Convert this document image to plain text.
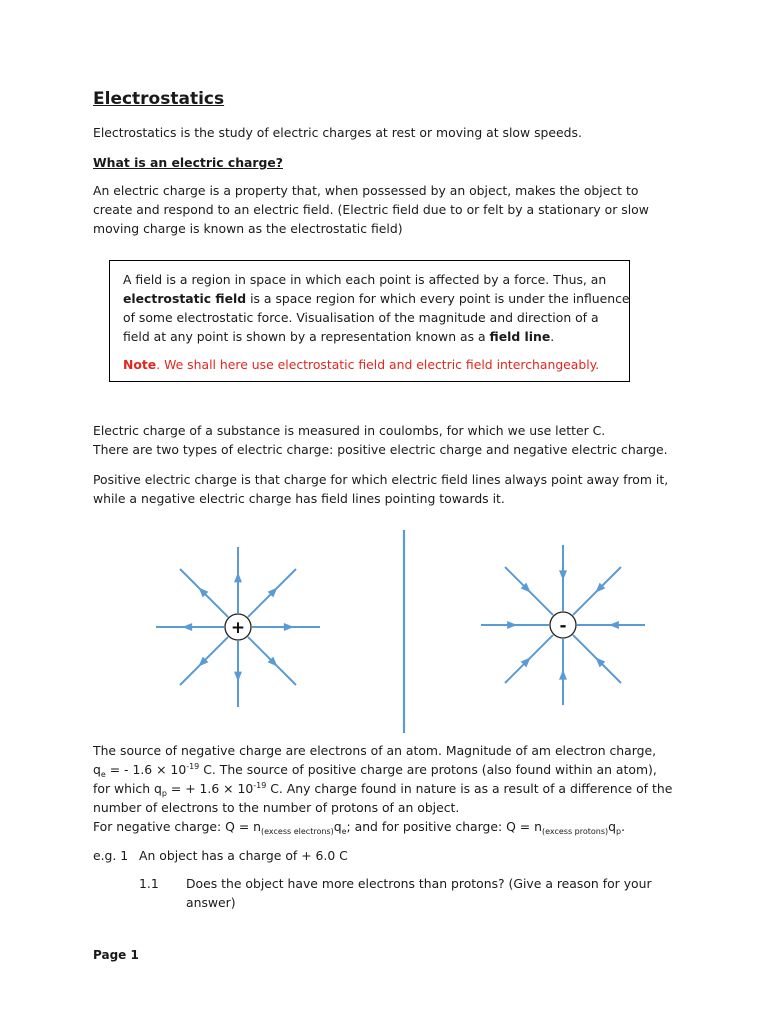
Electrostatics
Electrostatics is the study of electric charges at rest or moving at slow speeds.
What is an electric charge?
An electric charge is a property that, when possessed by an object, makes the object to
create and respond to an electric field. (Electric field due to or felt by a stationary or slow
moving charge is known as the electrostatic field)
A field is a region in space in which each point is affected by a force. Thus, an
electrostatic field is a space region for which every point is under the influence
of some electrostatic force. Visualisation of the magnitude and direction of a
field at any point is shown by a representation known as a field line.
Note. We shall here use electrostatic field and electric field interchangeably.
Electric charge of a substance is measured in coulombs, for which we use letter C.
There are two types of electric charge: positive electric charge and negative electric charge.
Positive electric charge is that charge for which electric field lines always point away from it,
while a negative electric charge has field lines pointing towards it.
+	-
The source of negative charge are electrons of an atom. Magnitude of am electron charge,
$q_e$ = - $1.6 \times 10^{-19}$ C. The source of positive charge are protons (also found within an atom),
for which $q_p$ = + $1.6 \times 10^{-19}$ C. Any charge found in nature is as a result of a difference of the
number of electrons to the number of protons of an object.
For negative charge: $Q = n_{(excess electrons)}q_e$; and for positive charge: $Q = n_{(excess protons)}q_p$.
e.g. 1 An object has a charge of + 6.0 C
1.1 Does the object have more electrons than protons? (Give a reason for your
answer)
Page 1
